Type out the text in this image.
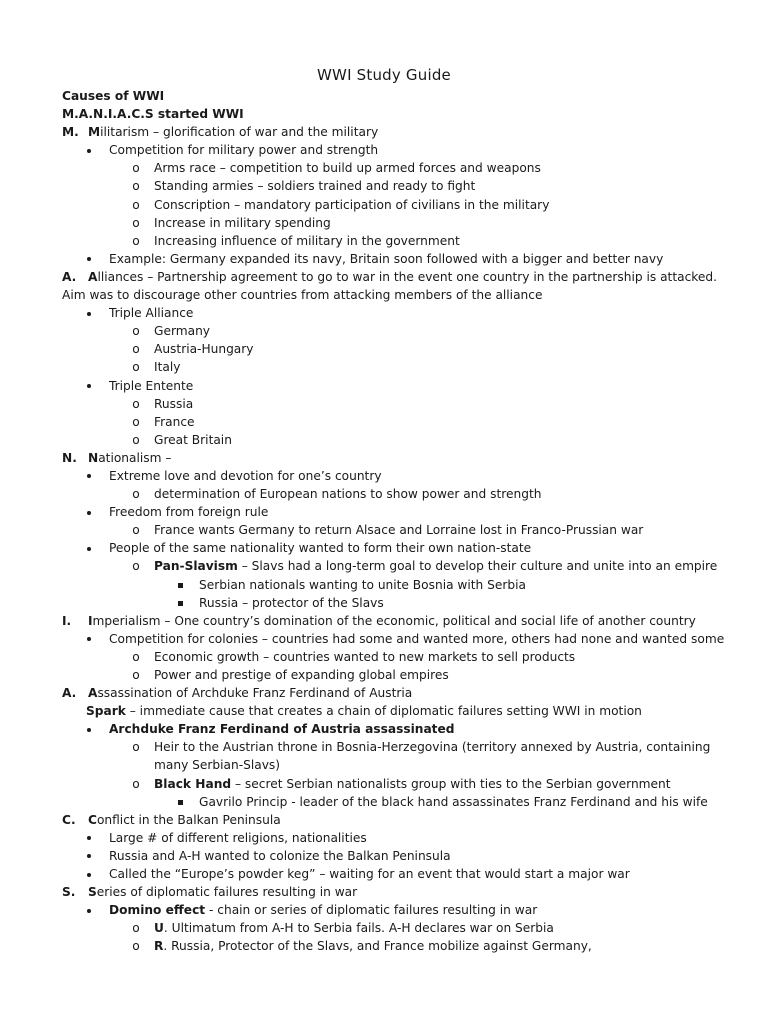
WWI Study Guide
Causes of WWI
M.A.N.I.A.C.S started WWI
M. Militarism – glorification of war and the military
Competition for military power and strength
o Arms race – competition to build up armed forces and weapons
o Standing armies – soldiers trained and ready to fight
o Conscription – mandatory participation of civilians in the military
o Increase in military spending
o Increasing influence of military in the government
Example: Germany expanded its navy, Britain soon followed with a bigger and better navy
A. Alliances – Partnership agreement to go to war in the event one country in the partnership is attacked.
Aim was to discourage other countries from attacking members of the alliance
Triple Alliance
o Germany
o Austria-Hungary
o Italy
Triple Entente
o Russia
o France
o Great Britain
N. Nationalism –
Extreme love and devotion for one’s country
o determination of European nations to show power and strength
Freedom from foreign rule
o France wants Germany to return Alsace and Lorraine lost in Franco-Prussian war
People of the same nationality wanted to form their own nation-state
o Pan-Slavism – Slavs had a long-term goal to develop their culture and unite into an empire
Serbian nationals wanting to unite Bosnia with Serbia
Russia – protector of the Slavs
I. Imperialism – One country’s domination of the economic, political and social life of another country
Competition for colonies – countries had some and wanted more, others had none and wanted some
o Economic growth – countries wanted to new markets to sell products
o Power and prestige of expanding global empires
A. Assassination of Archduke Franz Ferdinand of Austria
Spark – immediate cause that creates a chain of diplomatic failures setting WWI in motion
Archduke Franz Ferdinand of Austria assassinated
o Heir to the Austrian throne in Bosnia-Herzegovina (territory annexed by Austria, containing
many Serbian-Slavs)
o Black Hand – secret Serbian nationalists group with ties to the Serbian government
Gavrilo Princip - leader of the black hand assassinates Franz Ferdinand and his wife
C. Conflict in the Balkan Peninsula
Large # of different religions, nationalities
Russia and A-H wanted to colonize the Balkan Peninsula
Called the “Europe’s powder keg” – waiting for an event that would start a major war
S. Series of diplomatic failures resulting in war
Domino effect - chain or series of diplomatic failures resulting in war
o U. Ultimatum from A-H to Serbia fails. A-H declares war on Serbia
o R. Russia, Protector of the Slavs, and France mobilize against Germany,
